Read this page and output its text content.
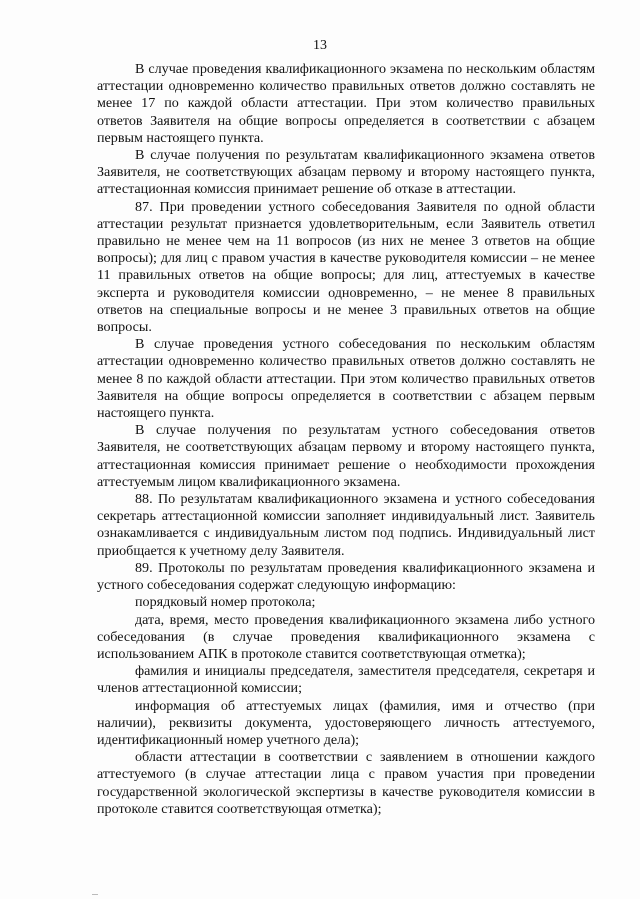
13

В случае проведения квалификационного экзамена по нескольким областям аттестации одновременно количество правильных ответов должно составлять не менее 17 по каждой области аттестации. При этом количество правильных ответов Заявителя на общие вопросы определяется в соответствии с абзацем первым настоящего пункта.

В случае получения по результатам квалификационного экзамена ответов Заявителя, не соответствующих абзацам первому и второму настоящего пункта, аттестационная комиссия принимает решение об отказе в аттестации.

87. При проведении устного собеседования Заявителя по одной области аттестации результат признается удовлетворительным, если Заявитель ответил правильно не менее чем на 11 вопросов (из них не менее 3 ответов на общие вопросы); для лиц с правом участия в качестве руководителя комиссии – не менее 11 правильных ответов на общие вопросы; для лиц, аттестуемых в качестве эксперта и руководителя комиссии одновременно, – не менее 8 правильных ответов на специальные вопросы и не менее 3 правильных ответов на общие вопросы.

В случае проведения устного собеседования по нескольким областям аттестации одновременно количество правильных ответов должно составлять не менее 8 по каждой области аттестации. При этом количество правильных ответов Заявителя на общие вопросы определяется в соответствии с абзацем первым настоящего пункта.

В случае получения по результатам устного собеседования ответов Заявителя, не соответствующих абзацам первому и второму настоящего пункта, аттестационная комиссия принимает решение о необходимости прохождения аттестуемым лицом квалификационного экзамена.

88. По результатам квалификационного экзамена и устного собеседования секретарь аттестационной комиссии заполняет индивидуальный лист. Заявитель ознакамливается с индивидуальным листом под подпись. Индивидуальный лист приобщается к учетному делу Заявителя.

89. Протоколы по результатам проведения квалификационного экзамена и устного собеседования содержат следующую информацию:

порядковый номер протокола;

дата, время, место проведения квалификационного экзамена либо устного собеседования (в случае проведения квалификационного экзамена с использованием АПК в протоколе ставится соответствующая отметка);

фамилия и инициалы председателя, заместителя председателя, секретаря и членов аттестационной комиссии;

информация об аттестуемых лицах (фамилия, имя и отчество (при наличии), реквизиты документа, удостоверяющего личность аттестуемого, идентификационный номер учетного дела);

области аттестации в соответствии с заявлением в отношении каждого аттестуемого (в случае аттестации лица с правом участия при проведении государственной экологической экспертизы в качестве руководителя комиссии в протоколе ставится соответствующая отметка);
